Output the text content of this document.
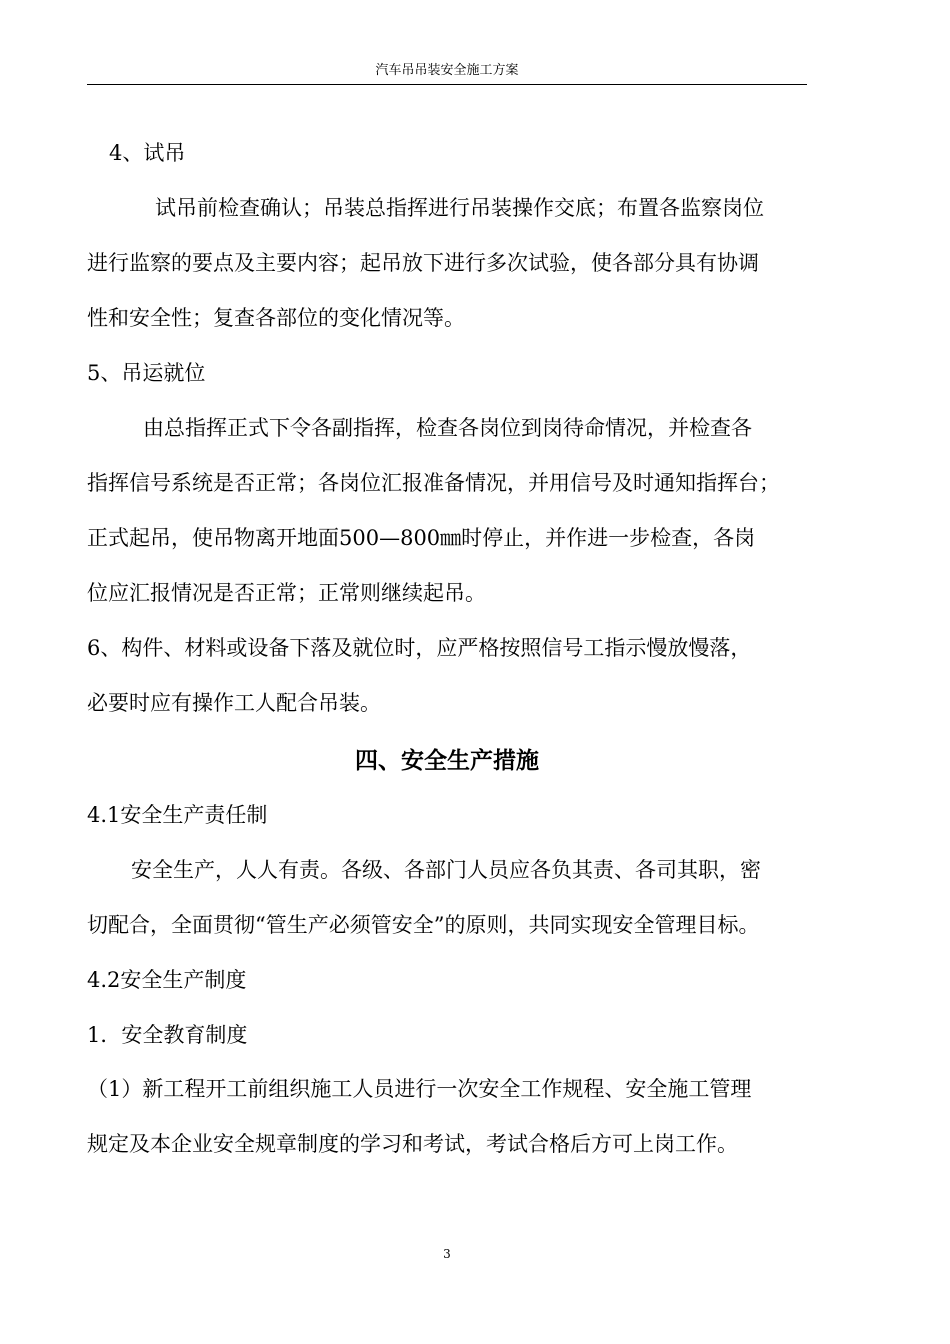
汽车吊吊装安全施工方案
4、试吊
试吊前检查确认；吊装总指挥进行吊装操作交底；布置各监察岗位
进行监察的要点及主要内容；起吊放下进行多次试验，使各部分具有协调
性和安全性；复查各部位的变化情况等。
5、吊运就位
由总指挥正式下令各副指挥，检查各岗位到岗待命情况，并检查各
指挥信号系统是否正常；各岗位汇报准备情况，并用信号及时通知指挥台；
正式起吊，使吊物离开地面500—800㎜时停止，并作进一步检查，各岗
位应汇报情况是否正常；正常则继续起吊。
6、构件、材料或设备下落及就位时，应严格按照信号工指示慢放慢落，
必要时应有操作工人配合吊装。
四、安全生产措施
4.1安全生产责任制
安全生产，人人有责。各级、各部门人员应各负其责、各司其职，密
切配合，全面贯彻“管生产必须管安全”的原则，共同实现安全管理目标。
4.2安全生产制度
1．安全教育制度
（1）新工程开工前组织施工人员进行一次安全工作规程、安全施工管理
规定及本企业安全规章制度的学习和考试，考试合格后方可上岗工作。
3
